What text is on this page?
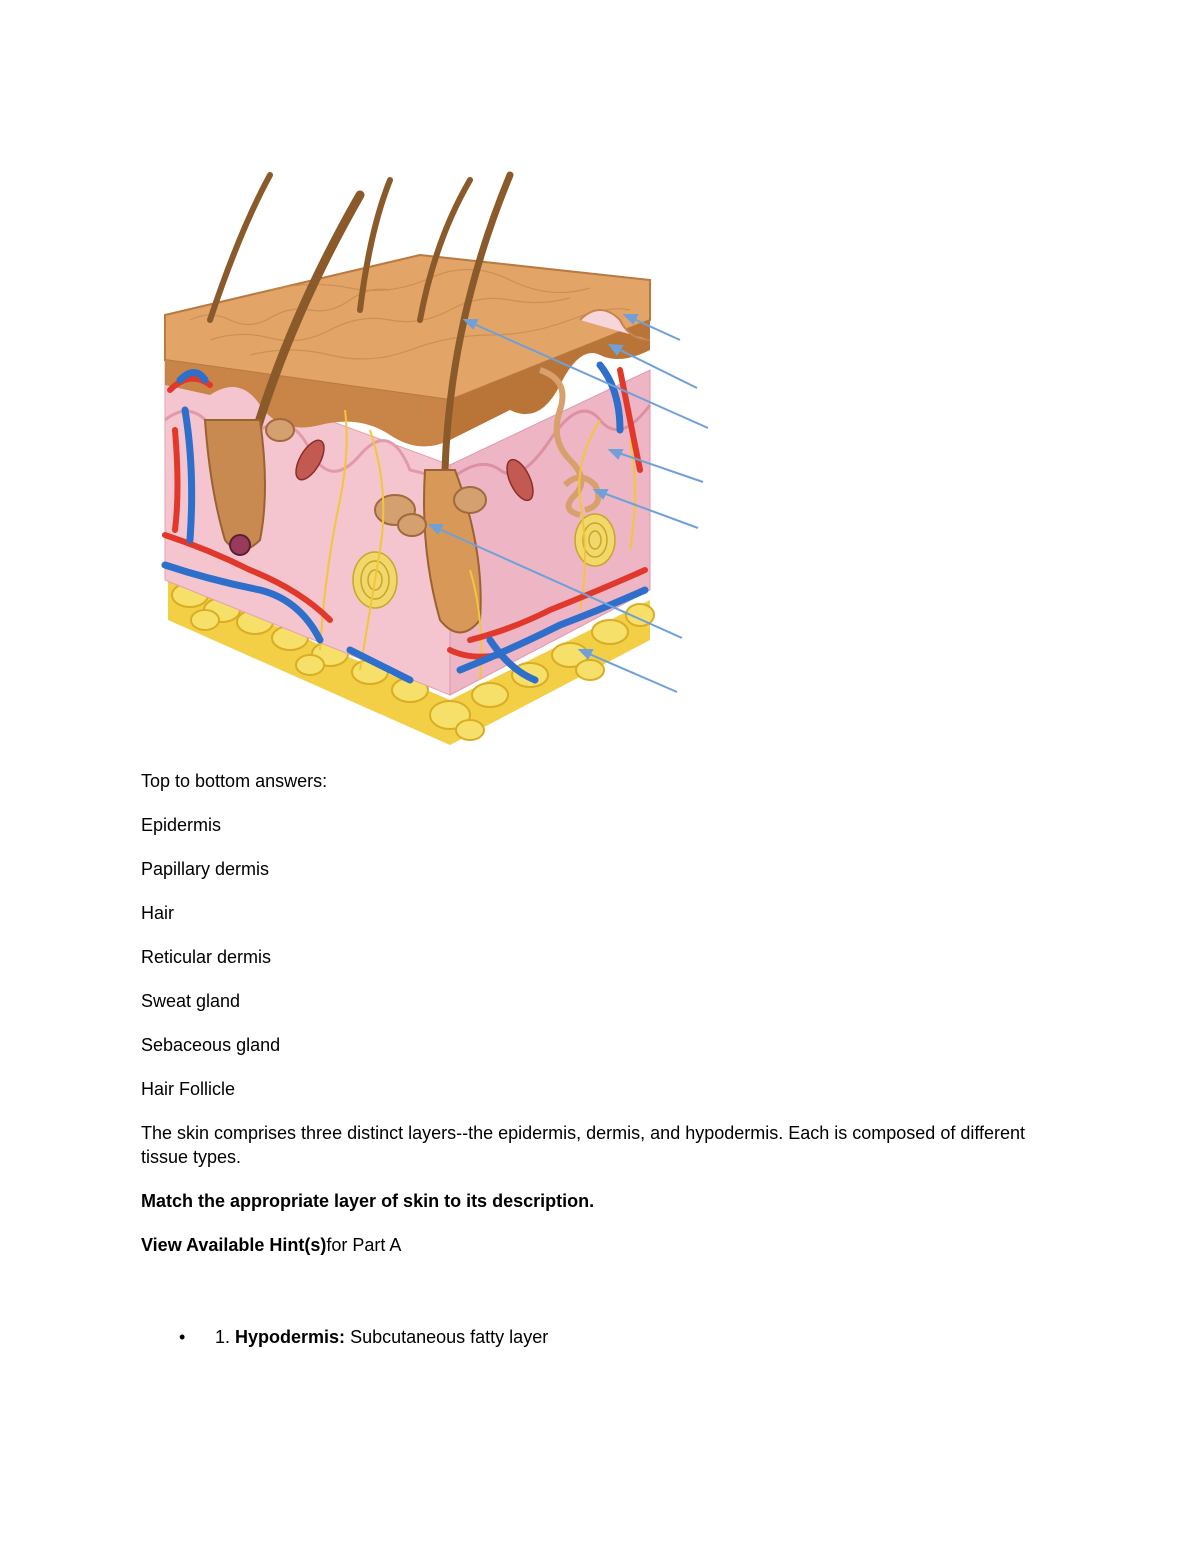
Top to bottom answers:
Epidermis
Papillary dermis
Hair
Reticular dermis
Sweat gland
Sebaceous gland
Hair Follicle
The skin comprises three distinct layers--the epidermis, dermis, and hypodermis. Each is composed of different tissue types.
Match the appropriate layer of skin to its description.
View Available Hint(s)for Part A
•	1. Hypodermis: Subcutaneous fatty layer
